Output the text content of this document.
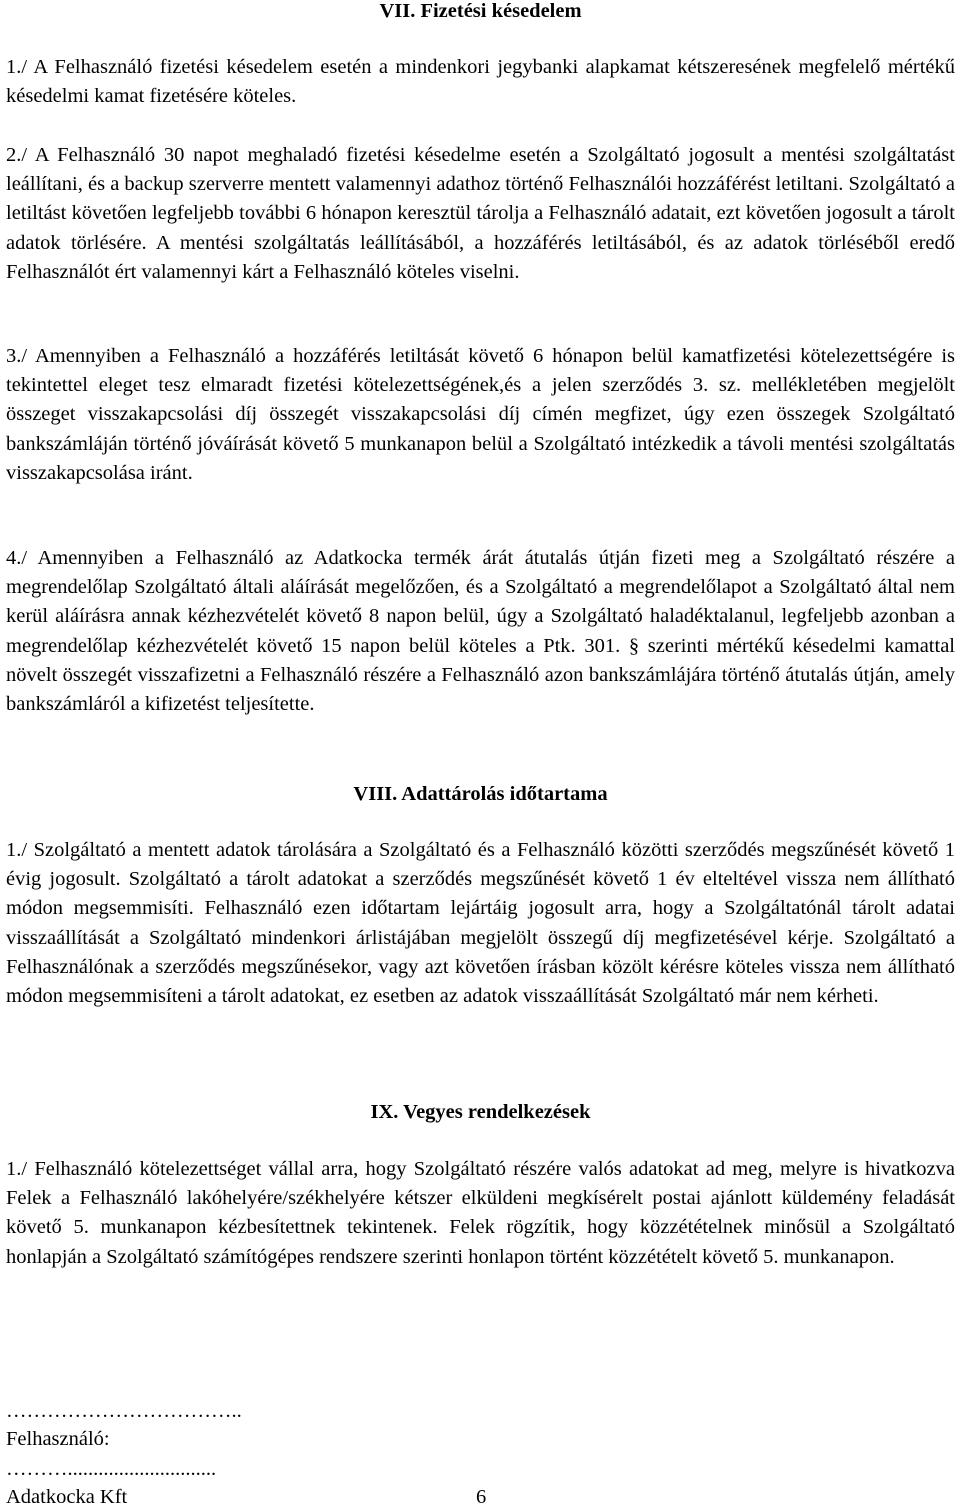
VII. Fizetési késedelem

1./ A Felhasználó fizetési késedelem esetén a mindenkori jegybanki alapkamat kétszeresének megfelelő mértékű késedelmi kamat fizetésére köteles.

2./ A Felhasználó 30 napot meghaladó fizetési késedelme esetén a Szolgáltató jogosult a mentési szolgáltatást leállítani, és a backup szerverre mentett valamennyi adathoz történő Felhasználói hozzáférést letiltani. Szolgáltató a letiltást követően legfeljebb további 6 hónapon keresztül tárolja a Felhasználó adatait, ezt követően jogosult a tárolt adatok törlésére. A mentési szolgáltatás leállításából, a hozzáférés letiltásából, és az adatok törléséből eredő Felhasználót ért valamennyi kárt a Felhasználó köteles viselni.

3./ Amennyiben a Felhasználó a hozzáférés letiltását követő 6 hónapon belül kamatfizetési kötelezettségére is tekintettel eleget tesz elmaradt fizetési kötelezettségének,és a jelen szerződés 3. sz. mellékletében megjelölt összeget visszakapcsolási díj összegét visszakapcsolási díj címén megfizet, úgy ezen összegek Szolgáltató bankszámláján történő jóváírását követő 5 munkanapon belül a Szolgáltató intézkedik a távoli mentési szolgáltatás visszakapcsolása iránt.

4./ Amennyiben a Felhasználó az Adatkocka termék árát átutalás útján fizeti meg a Szolgáltató részére a megrendelőlap Szolgáltató általi aláírását megelőzően, és a Szolgáltató a megrendelőlapot a Szolgáltató által nem kerül aláírásra annak kézhezvételét követő 8 napon belül, úgy a Szolgáltató haladéktalanul, legfeljebb azonban a megrendelőlap kézhezvételét követő 15 napon belül köteles a Ptk. 301. § szerinti mértékű késedelmi kamattal növelt összegét visszafizetni a Felhasználó részére a Felhasználó azon bankszámlájára történő átutalás útján, amely bankszámláról a kifizetést teljesítette.

VIII. Adattárolás időtartama

1./ Szolgáltató a mentett adatok tárolására a Szolgáltató és a Felhasználó közötti szerződés megszűnését követő 1 évig jogosult. Szolgáltató a tárolt adatokat a szerződés megszűnését követő 1 év elteltével vissza nem állítható módon megsemmisíti. Felhasználó ezen időtartam lejártáig jogosult arra, hogy a Szolgáltatónál tárolt adatai visszaállítását a Szolgáltató mindenkori árlistájában megjelölt összegű díj megfizetésével kérje. Szolgáltató a Felhasználónak a szerződés megszűnésekor, vagy azt követően írásban közölt kérésre köteles vissza nem állítható módon megsemmisíteni a tárolt adatokat, ez esetben az adatok visszaállítását Szolgáltató már nem kérheti.

IX. Vegyes rendelkezések

1./ Felhasználó kötelezettséget vállal arra, hogy Szolgáltató részére valós adatokat ad meg, melyre is hivatkozva Felek a Felhasználó lakóhelyére/székhelyére kétszer elküldeni megkísérelt postai ajánlott küldemény feladását követő 5. munkanapon kézbesítettnek tekintenek. Felek rögzítik, hogy közzétételnek minősül a Szolgáltató honlapján a Szolgáltató számítógépes rendszere szerinti honlapon történt közzétételt követő 5. munkanapon.

……………………………..
Felhasználó:
……….............................
Adatkocka Kft	6
